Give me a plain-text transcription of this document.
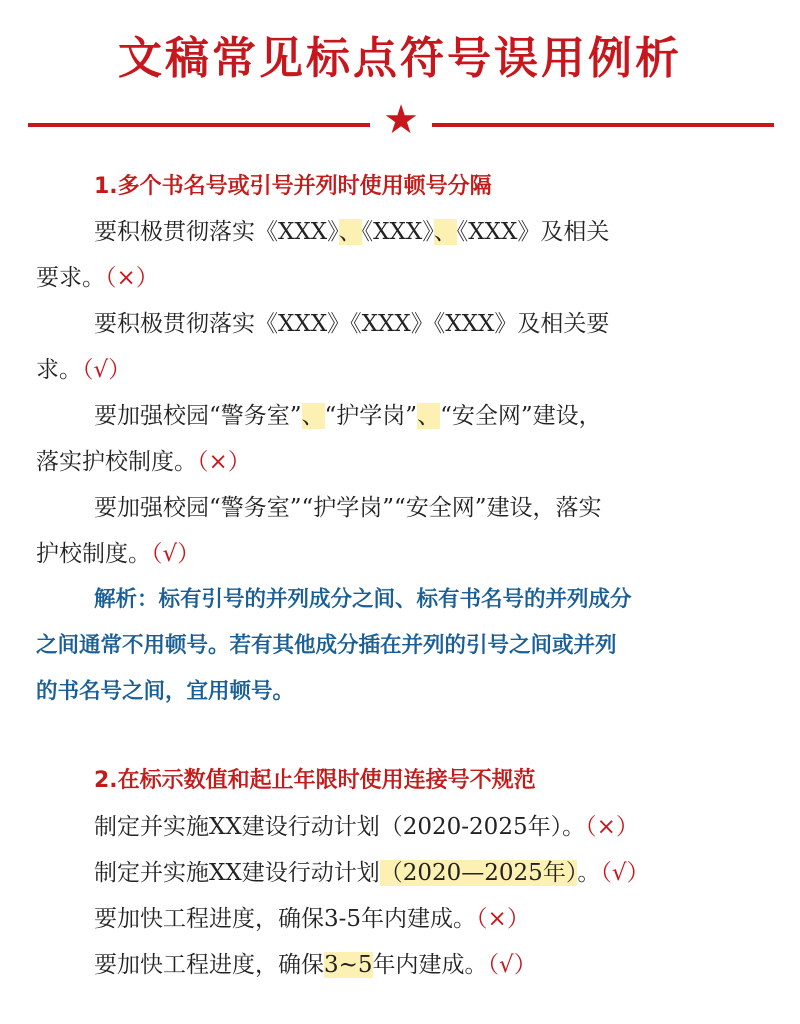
文稿常见标点符号误用例析
★
1.多个书名号或引号并列时使用顿号分隔
要积极贯彻落实《XXX》、《XXX》、《XXX》及相关
要求。（×）
要积极贯彻落实《XXX》《XXX》《XXX》及相关要
求。（√）
要加强校园“警务室”、“护学岗”、“安全网”建设，
落实护校制度。（×）
要加强校园“警务室”“护学岗”“安全网”建设，落实
护校制度。（√）
解析：标有引号的并列成分之间、标有书名号的并列成分
之间通常不用顿号。若有其他成分插在并列的引号之间或并列
的书名号之间，宜用顿号。
2.在标示数值和起止年限时使用连接号不规范
制定并实施XX建设行动计划（2020-2025年）。（×）
制定并实施XX建设行动计划（2020—2025年）。（√）
要加快工程进度，确保3-5年内建成。（×）
要加快工程进度，确保3~5年内建成。（√）
